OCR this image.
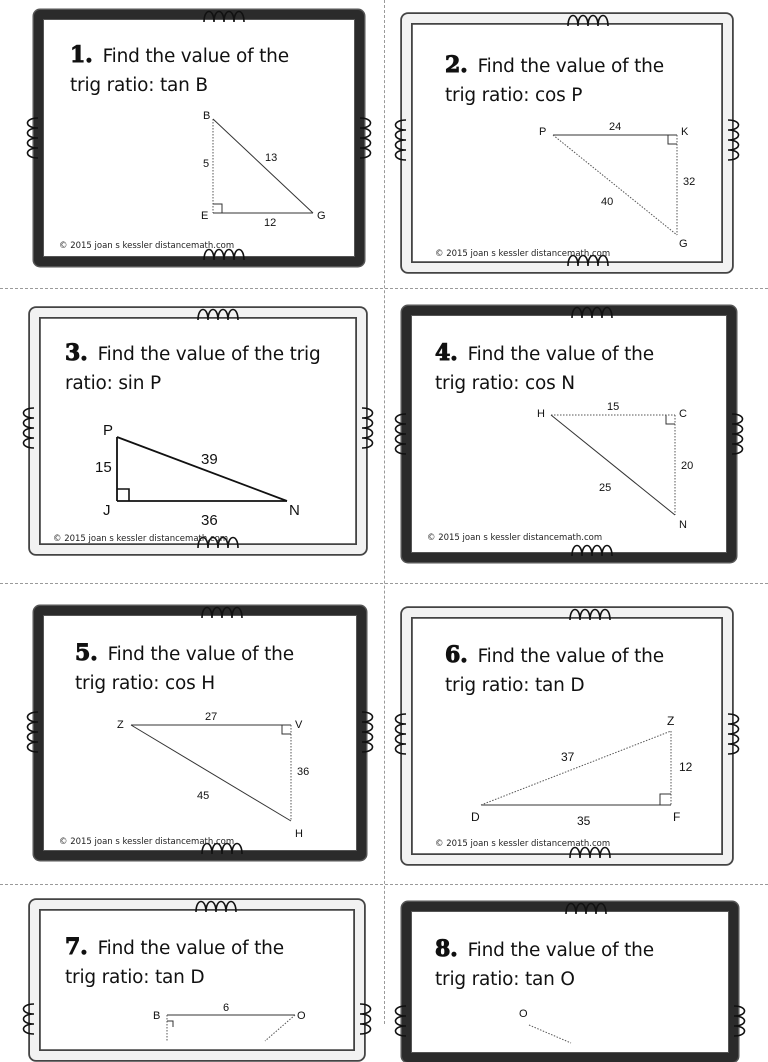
1. Find the value of the
trig ratio: tan B
B
E	G
5	13
12
© 2015 joan s kessler distancemath.com
2. Find the value of the
trig ratio: cos P
P	K
G
24
32
40
© 2015 joan s kessler distancemath.com
3. Find the value of the trig
ratio: sin P
P
J	N
15	39
36
© 2015 joan s kessler distancemath.com
4. Find the value of the
trig ratio: cos N
H	C
N
15
20
25
© 2015 joan s kessler distancemath.com
5. Find the value of the
trig ratio: cos H
Z	V
H
27
36
45
© 2015 joan s kessler distancemath.com
6. Find the value of the
trig ratio: tan D
Z
D	F
37
12
35
© 2015 joan s kessler distancemath.com
7. Find the value of the
trig ratio: tan D
B	O
6
8. Find the value of the
trig ratio: tan O
O
